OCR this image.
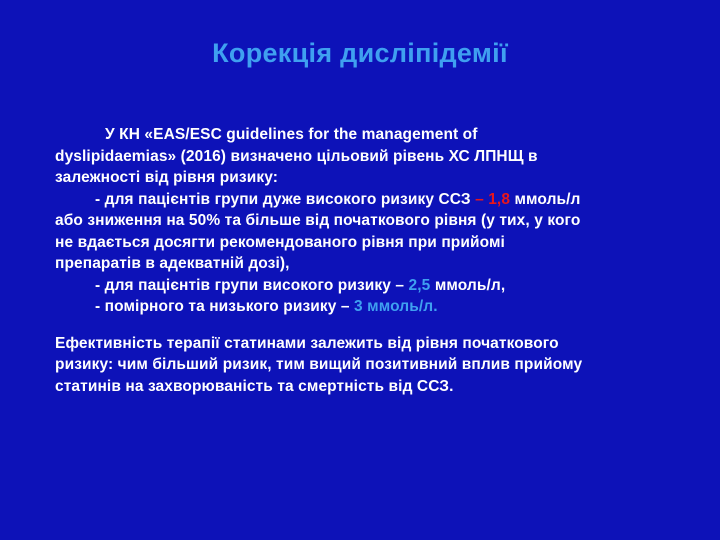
Корекція дисліпідемії
У КН «EAS/ESC guidelines for the management of
dyslipidaemias» (2016) визначено цільовий рівень ХС ЛПНЩ в
залежності від рівня ризику:
- для пацієнтів групи дуже високого ризику ССЗ – 1,8 ммоль/л
або зниження на 50% та більше від початкового рівня (у тих, у кого
не вдається досягти рекомендованого рівня при прийомі
препаратів в адекватній дозі),
- для пацієнтів групи високого ризику – 2,5 ммоль/л,
- помірного та низького ризику – 3 ммоль/л.
Ефективність терапії статинами залежить від рівня початкового
ризику: чим більший ризик, тим вищий позитивний вплив прийому
статинів на захворюваність та смертність від ССЗ.
